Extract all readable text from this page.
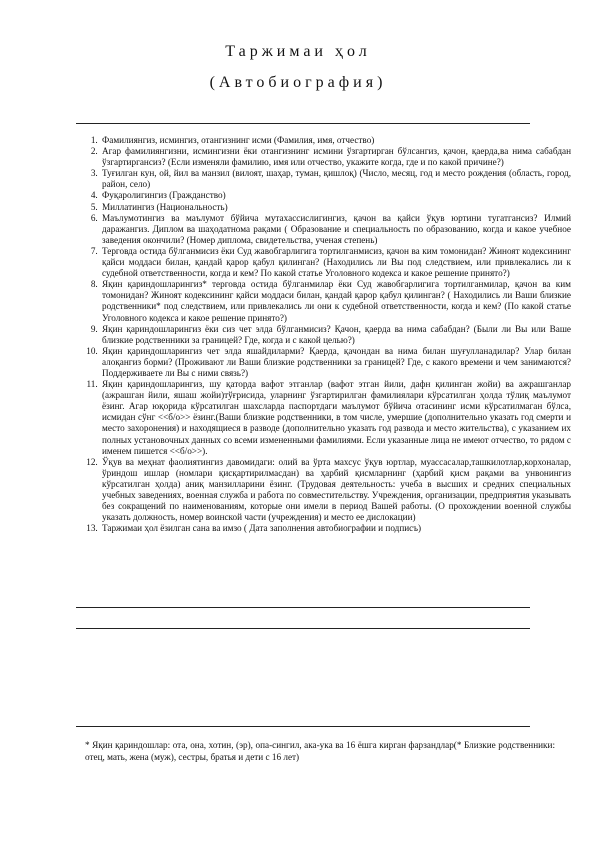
Таржимаи ҳол
(Автобиография)
1. Фамилиянгиз, исмингиз, отангизнинг исми (Фамилия, имя, отчество)
2. Агар фамилиянгизни, исмингизни ёки отангизнинг исмини ўзгартирган бўлсангиз, қачон, қаерда,ва нима сабабдан ўзгартиргансиз? (Если изменяли фамилию, имя или отчество, укажите когда, где и по какой причине?)
3. Туғилган кун, ой, йил ва манзил (вилоят, шаҳар, туман, қишлоқ) (Число, месяц, год и место рождения (область, город, район, село)
4. Фуқаролигингиз (Гражданство)
5. Миллатингиз (Национальность)
6. Маълумотингиз ва маълумот бўйича мутахассислигингиз, қачон ва қайси ўқув юртини тугатгансиз? Илмий даражангиз. Диплом ва шаҳодатнома рақами ( Образование и специальность по образованию, когда и какое учебное заведения окончили? (Номер диплома, свидетельства, ученая степень)
7. Терговда остида бўлганмисиз ёки Суд жавобгарлигига тортилганмисиз, қачон ва ким томонидан? Жиноят кодексининг қайси моддаси билан, қандай қарор қабул қилинган? (Находились ли Вы под следствием, или привлекались ли к судебной ответственности, когда и кем? По какой статье Уголовного кодекса и какое решение принято?)
8. Яқин қариндошларингиз* терговда остида бўлганмилар ёки Суд жавобгарлигига тортилганмилар, қачон ва ким томонидан? Жиноят кодексининг қайси моддаси билан, қандай қарор қабул қилинган? ( Находились ли Ваши близкие родственники* под следствием, или привлекались ли они к судебной ответственности, когда и кем? (По какой статье Уголовного кодекса и какое решение принято?)
9. Яқин қариндошларингиз ёки сиз чет элда бўлганмисиз? Қачон, қаерда ва нима сабабдан? (Были ли Вы или Ваше близкие родственники за границей? Где, когда и с какой целью?)
10. Яқин қариндошларингиз чет элда яшайдиларми? Қаерда, қачондан ва нима билан шуғулланадилар? Улар билан алоқангиз борми? (Проживают ли Ваши близкие родственники за границей? Где, с какого времени и чем занимаются? Поддерживаете ли Вы с ними связь?)
11. Яқин қариндошларингиз, шу қаторда вафот этганлар (вафот этган йили, дафн қилинган жойи) ва ажрашганлар (ажрашган йили, яшаш жойи)тўғрисида, уларнинг ўзгартирилган фамилиялари кўрсатилган ҳолда тўлиқ маълумот ёзинг. Агар юқорида кўрсатилган шахсларда паспортдаги маълумот бўйича отасининг исми кўрсатилмаган бўлса, исмидан сўнг <<б/о>> ёзинг.(Ваши близкие родственники, в том числе, умершие (дополнительно указать год смерти и место захоронения) и находящиеся в разводе (дополнительно указать год развода и место жительства), с указанием их полных установочных данных со всеми измененными фамилиями. Если указанные лица не имеют отчество, то рядом с именем пишется <<б/о>>).
12. Ўқув ва меҳнат фаолиятингиз давомидаги: олий ва ўрта махсус ўқув юртлар, муассасалар,ташкилотлар,корхоналар, ўриндош ишлар (номлари қисқартирилмасдан) ва ҳарбий қисмларнинг (ҳарбий қисм рақами ва унвонингиз кўрсатилган ҳолда) аниқ манзилларини ёзинг. (Трудовая деятельность: учеба в высших и средних специальных учебных заведениях, военная служба и работа по совместительству. Учреждения, организации, предприятия указывать без сокращений по наименованиям, которые они имели в период Вашей работы. (О прохождении военной службы указать должность, номер воинской части (учреждения) и место ее дислокации)
13. Таржимаи ҳол ёзилган сана ва имзо ( Дата заполнения автобиографии и подписъ)
* Яқин қариндошлар: ота, она, хотин, (эр), опа-сингил, ака-ука ва 16 ёшга кирган фарзандлар(* Близкие родственники: отец, мать, жена (муж), сестры, братья и дети с 16 лет)
